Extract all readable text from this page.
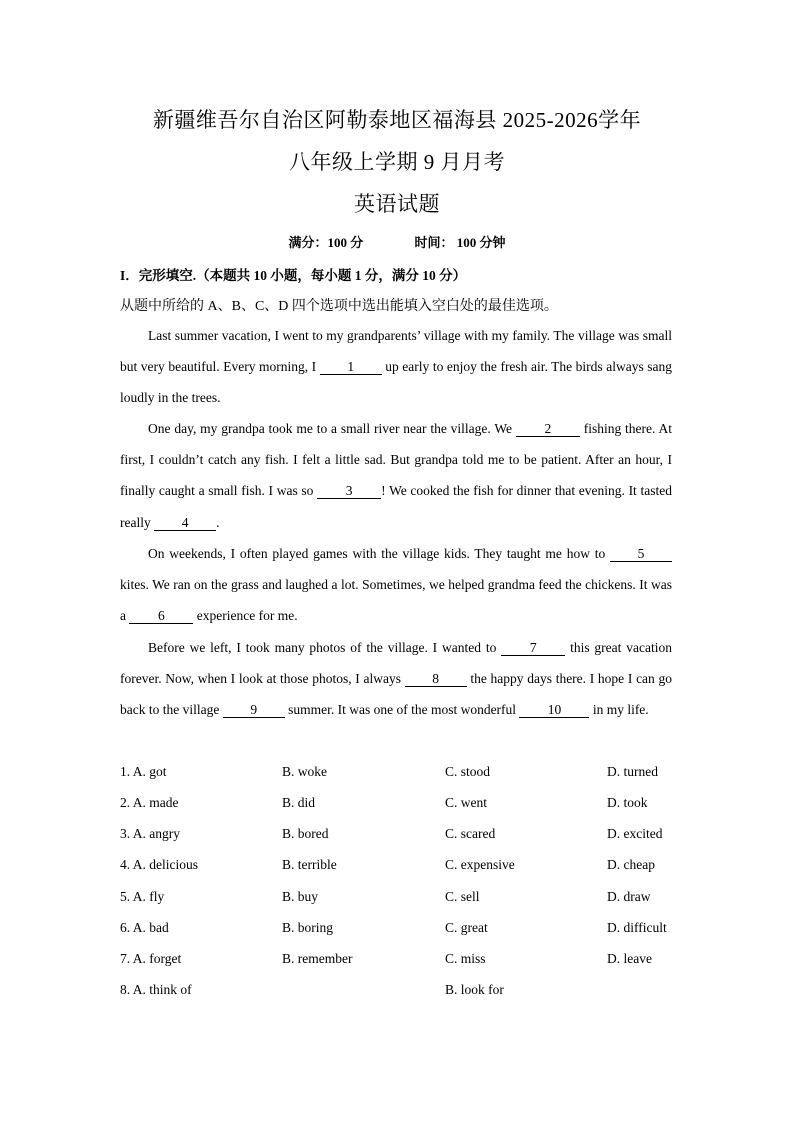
新疆维吾尔自治区阿勒泰地区福海县 2025-2026学年
八年级上学期 9 月月考
英语试题
满分：100 分	时间： 100 分钟
I．完形填空.（本题共 10 小题，每小题 1 分，满分 10 分）
从题中所给的 A、B、C、D 四个选项中选出能填入空白处的最佳选项。

Last summer vacation, I went to my grandparents’ village with my family. The village was small but very beautiful. Every morning, I 1 up early to enjoy the fresh air. The birds always sang loudly in the trees.

One day, my grandpa took me to a small river near the village. We 2 fishing there. At first, I couldn’t catch any fish. I felt a little sad. But grandpa told me to be patient. After an hour, I finally caught a small fish. I was so 3 ! We cooked the fish for dinner that evening. It tasted really 4 .

On weekends, I often played games with the village kids. They taught me how to 5 kites. We ran on the grass and laughed a lot. Sometimes, we helped grandma feed the chickens. It was a 6 experience for me.

Before we left, I took many photos of the village. I wanted to 7 this great vacation forever. Now, when I look at those photos, I always 8 the happy days there. I hope I can go back to the village 9 summer. It was one of the most wonderful 10 in my life.

1. A. got	B. woke	C. stood	D. turned
2. A. made	B. did	C. went	D. took
3. A. angry	B. bored	C. scared	D. excited
4. A. delicious	B. terrible	C. expensive	D. cheap
5. A. fly	B. buy	C. sell	D. draw
6. A. bad	B. boring	C. great	D. difficult
7. A. forget	B. remember	C. miss	D. leave
8. A. think of	B. look for
